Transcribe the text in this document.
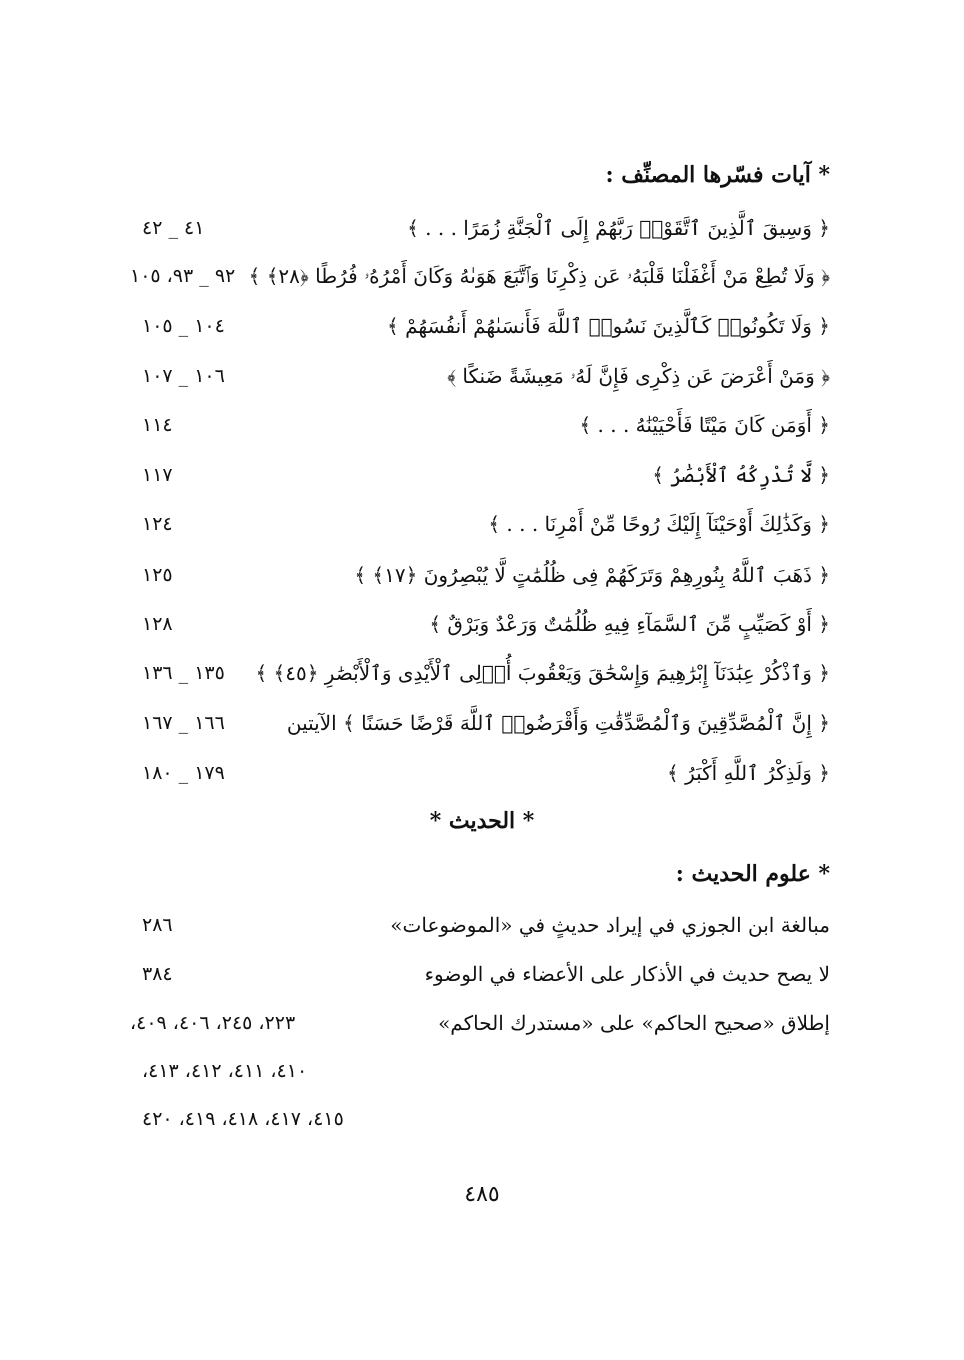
* آيات فسّرها المصنِّف :
﴿ وَسِيقَ ٱلَّذِينَ ٱتَّقَوْا۟ رَبَّهُمْ إِلَى ٱلْجَنَّةِ زُمَرًا . . . ﴾
٤١ _ ٤٢
﴿ وَلَا تُطِعْ مَنْ أَغْفَلْنَا قَلْبَهُۥ عَن ذِكْرِنَا وَٱتَّبَعَ هَوَىٰهُ وَكَانَ أَمْرُهُۥ فُرُطًا ﴿٢٨﴾ ﴾
٩٢ _ ٩٣، ١٠٥
﴿ وَلَا تَكُونُوا۟ كَٱلَّذِينَ نَسُوا۟ ٱللَّهَ فَأَنسَىٰهُمْ أَنفُسَهُمْ ﴾
١٠٤ _ ١٠٥
﴿ وَمَنْ أَعْرَضَ عَن ذِكْرِى فَإِنَّ لَهُۥ مَعِيشَةً ضَنكًا ﴾
١٠٦ _ ١٠٧
﴿ أَوَمَن كَانَ مَيْتًا فَأَحْيَيْنَٰهُ . . . ﴾
١١٤
﴿ لَّا تُدْرِكُهُ ٱلْأَبْصَٰرُ ﴾
١١٧
﴿ وَكَذَٰلِكَ أَوْحَيْنَآ إِلَيْكَ رُوحًا مِّنْ أَمْرِنَا . . . ﴾
١٢٤
﴿ ذَهَبَ ٱللَّهُ بِنُورِهِمْ وَتَرَكَهُمْ فِى ظُلُمَٰتٍ لَّا يُبْصِرُونَ ﴿١٧﴾ ﴾
١٢٥
﴿ أَوْ كَصَيِّبٍ مِّنَ ٱلسَّمَآءِ فِيهِ ظُلُمَٰتٌ وَرَعْدٌ وَبَرْقٌ ﴾
١٢٨
﴿ وَٱذْكُرْ عِبَٰدَنَآ إِبْرَٰهِيمَ وَإِسْحَٰقَ وَيَعْقُوبَ أُو۟لِى ٱلْأَيْدِى وَٱلْأَبْصَٰرِ ﴿٤٥﴾ ﴾
١٣٥ _ ١٣٦
﴿ إِنَّ ٱلْمُصَّدِّقِينَ وَٱلْمُصَّدِّقَٰتِ وَأَقْرَضُوا۟ ٱللَّهَ قَرْضًا حَسَنًا ﴾ الآيتين
١٦٦ _ ١٦٧
﴿ وَلَذِكْرُ ٱللَّهِ أَكْبَرُ ﴾
١٧٩ _ ١٨٠
* الحديث *
* علوم الحديث :
مبالغة ابن الجوزي في إيراد حديثٍ في «الموضوعات»
٢٨٦
لا يصح حديث في الأذكار على الأعضاء في الوضوء
٣٨٤
إطلاق «صحيح الحاكم» على «مستدرك الحاكم»
٢٢٣، ٢٤٥، ٤٠٦، ٤٠٩،
٤١٠، ٤١١، ٤١٢، ٤١٣،
٤١٥، ٤١٧، ٤١٨، ٤١٩، ٤٢٠
٤٨٥
